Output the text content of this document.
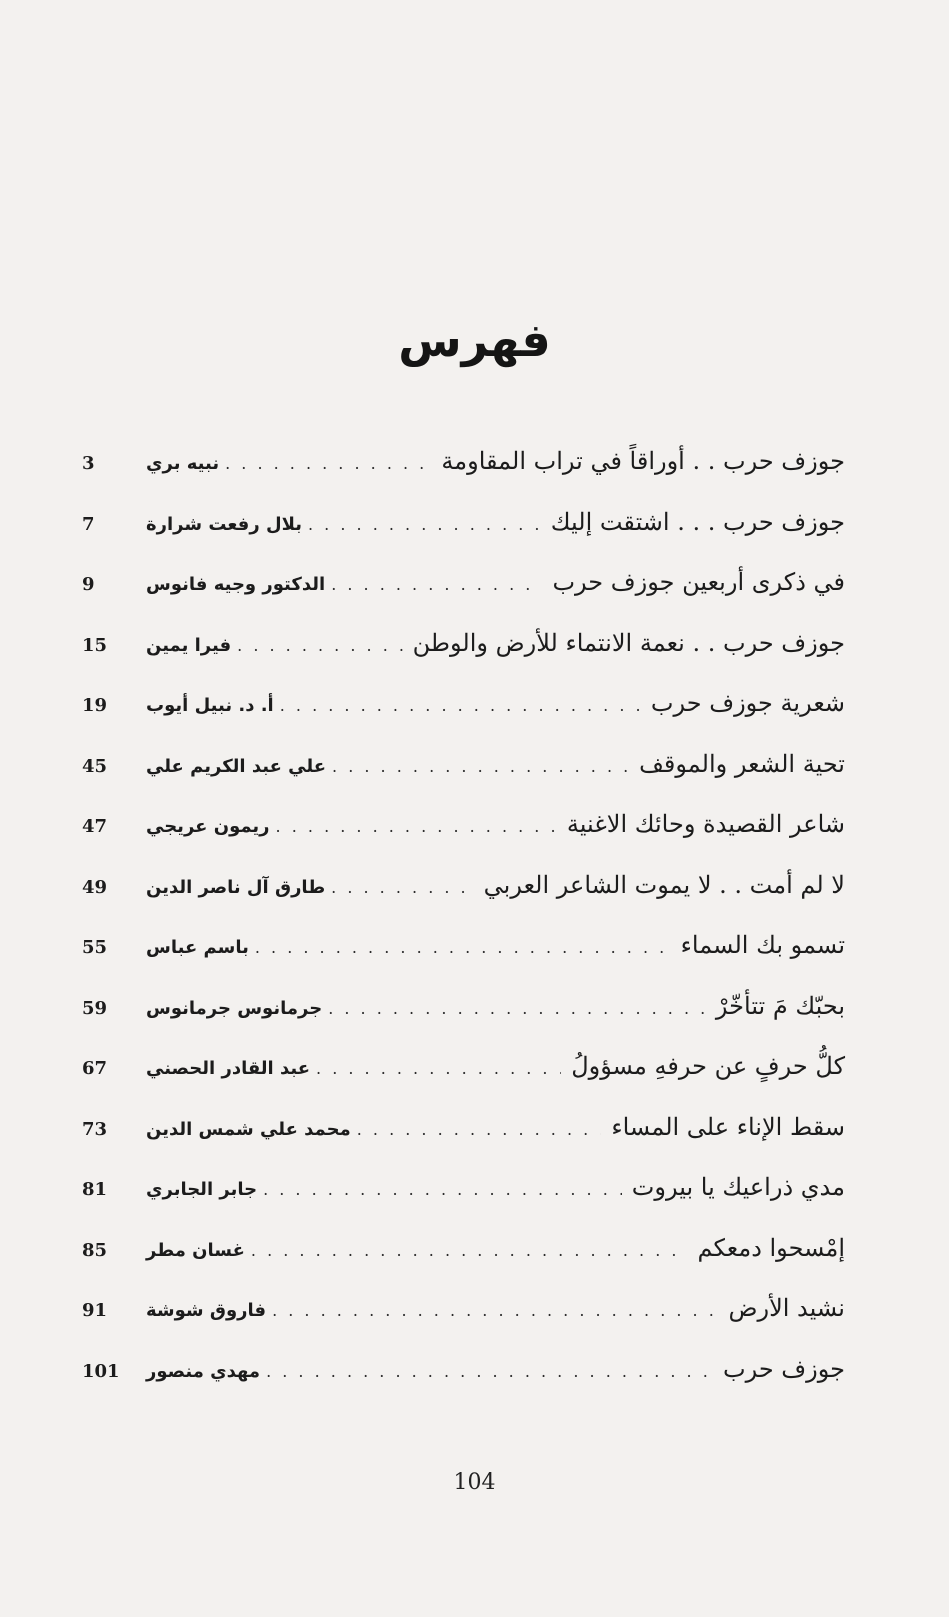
فهرس
جوزف حرب . . أوراقاً في تراب المقاومة
. . .
نبيه بري
3
جوزف حرب . . . اشتقت إليك
. . .
بلال رفعت شرارة
7
في ذكرى أربعين جوزف حرب
. . .
الدكتور وجيه فانوس
9
جوزف حرب . . نعمة الانتماء للأرض والوطن
. . .
فيرا يمين
15
شعرية جوزف حرب
. . .
أ. د. نبيل أيوب
19
تحية الشعر والموقف
. . .
علي عبد الكريم علي
45
شاعر القصيدة وحائك الاغنية
. . .
ريمون عريجي
47
لا لم أمت . . لا يموت الشاعر العربي
. . .
طارق آل ناصر الدين
49
تسمو بك السماء
. . .
باسم عباس
55
بحبّك مَ تتأخّرْ
. . .
جرمانوس جرمانوس
59
كلُّ حرفٍ عن حرفهِ مسؤولُ
. . .
عبد القادر الحصني
67
سقط الإناء على المساء
. . .
محمد علي شمس الدين
73
مدي ذراعيك يا بيروت
. . .
جابر الجابري
81
إمْسحوا دمعكم
. . .
غسان مطر
85
نشيد الأرض
. . .
فاروق شوشة
91
جوزف حرب
. . .
مهدي منصور
101
104
